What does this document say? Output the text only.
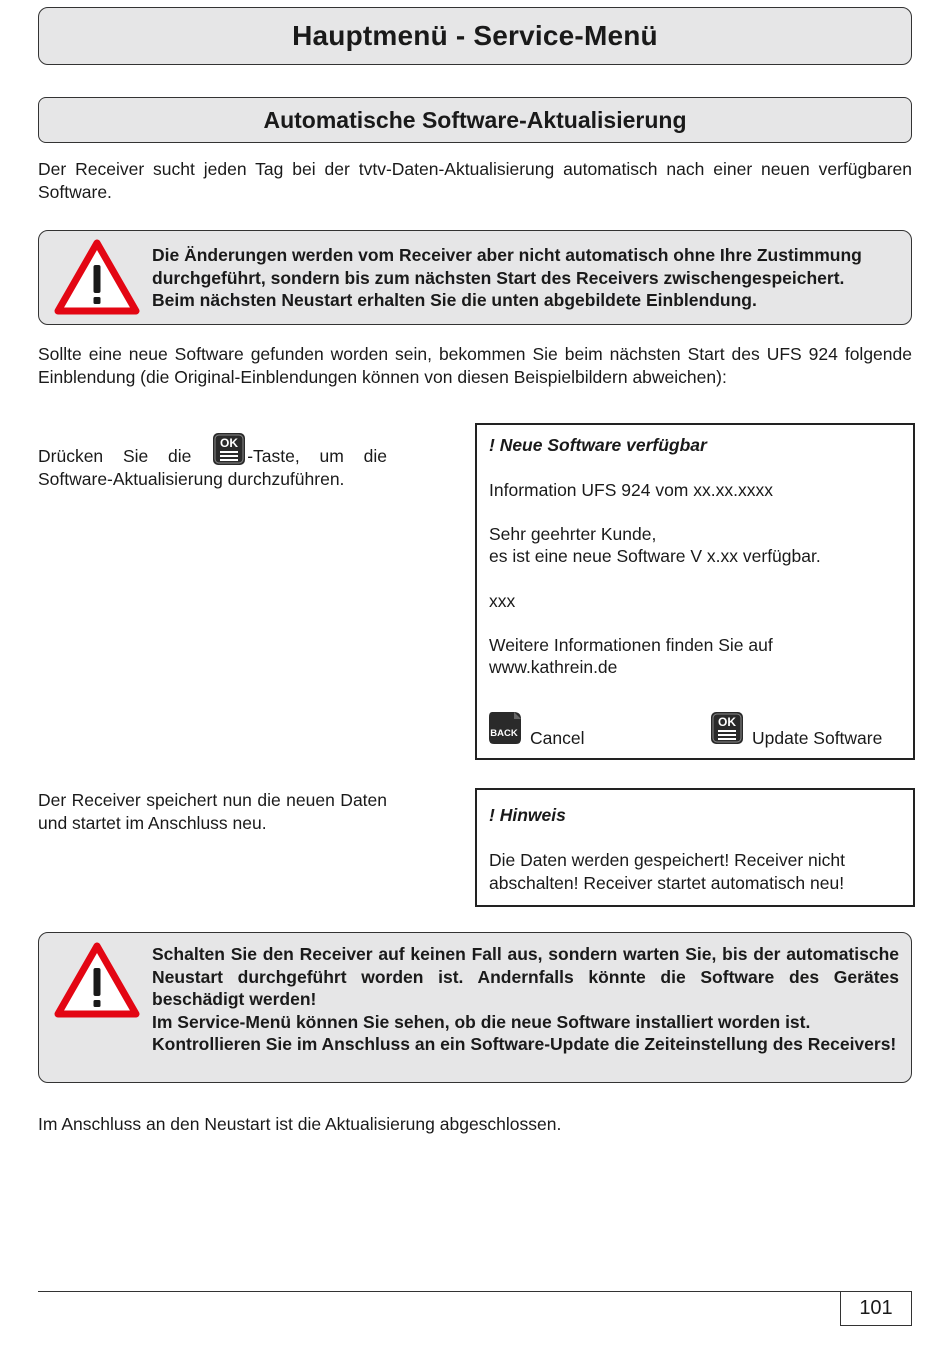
Hauptmenü - Service-Menü
Automatische Software-Aktualisierung
Der Receiver sucht jeden Tag bei der tvtv-Daten-Aktualisierung automatisch nach einer neuen verfügbaren Software.
Die Änderungen werden vom Receiver aber nicht automatisch ohne Ihre Zustimmung
durchgeführt, sondern bis zum nächsten Start des Receivers zwischengespeichert.
Beim nächsten Neustart erhalten Sie die unten abgebildete Einblendung.
Sollte eine neue Software gefunden worden sein, bekommen Sie beim nächsten Start des UFS 924 folgende Einblendung (die Original-Einblendungen können von diesen Beispielbildern abweichen):
Drücken Sie die
OK
-Taste, um die Software-Aktualisierung durchzuführen.
! Neue Software verfügbar
Information UFS 924 vom xx.xx.xxxx
Sehr geehrter Kunde,
es ist eine neue Software V x.xx verfügbar.
xxx
Weitere Informationen finden Sie auf
www.kathrein.de
BACK Cancel
OK
Update Software
Der Receiver speichert nun die neuen Daten und startet im Anschluss neu.	! Hinweis
Die Daten werden gespeichert! Receiver nicht abschalten! Receiver startet automatisch neu!
Schalten Sie den Receiver auf keinen Fall aus, sondern warten Sie, bis der automatische Neustart durchgeführt worden ist. Andernfalls könnte die Software des Gerätes beschädigt werden!
Im Service-Menü können Sie sehen, ob die neue Software installiert worden ist.
Kontrollieren Sie im Anschluss an ein Software-Update die Zeiteinstellung des Receivers!
Im Anschluss an den Neustart ist die Aktualisierung abgeschlossen.
101
